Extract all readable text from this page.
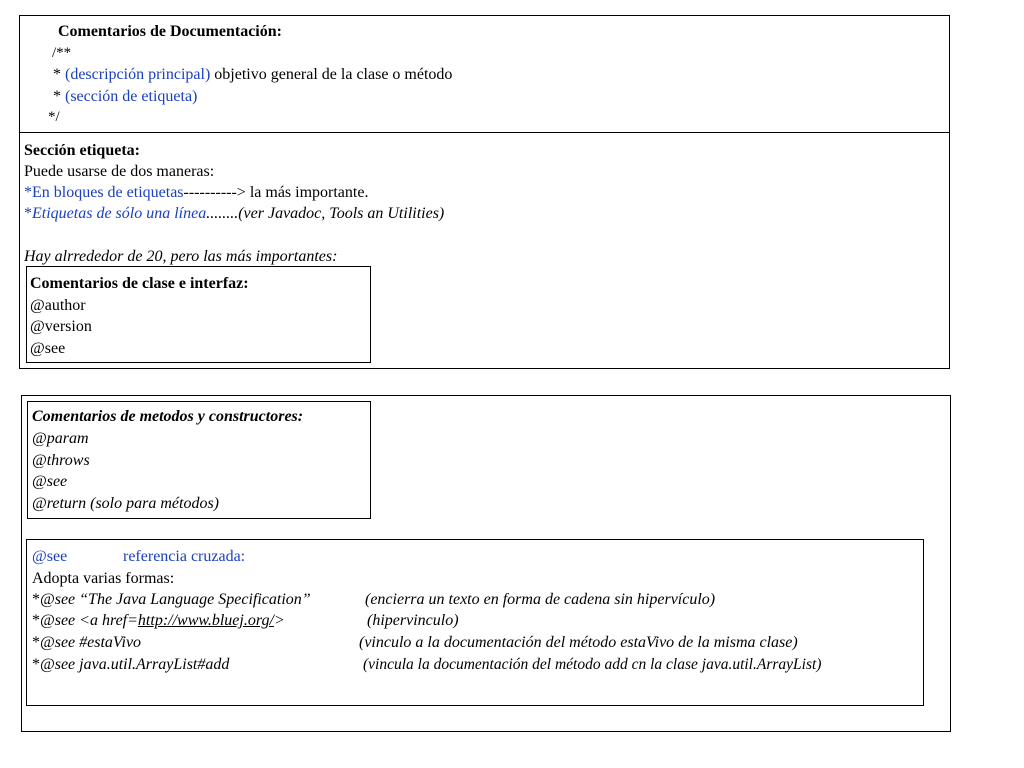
Comentarios de Documentación:
/**
* (descripción principal) objetivo general de la clase o método
* (sección de etiqueta)
*/
Sección etiqueta:
Puede usarse de dos maneras:
*En bloques de etiquetas----------> la más importante.
*Etiquetas de sólo una línea........(ver Javadoc, Tools an Utilities)
Hay alrrededor de 20, pero las más importantes:
Comentarios de clase e interfaz:
@author
@version
@see
Comentarios de metodos y constructores:
@param
@throws
@see
@return (solo para métodos)
@see	referencia cruzada:
Adopta varias formas:
*@see “The Java Language Specification”	(encierra un texto en forma de cadena sin hipervículo)
*@see <a href=http://www.bluej.org/>	(hipervinculo)
*@see #estaVivo	(vinculo a la documentación del método estaVivo de la misma clase)
*@see java.util.ArrayList#add	(vincula la documentación del método add cn la clase java.util.ArrayList)
